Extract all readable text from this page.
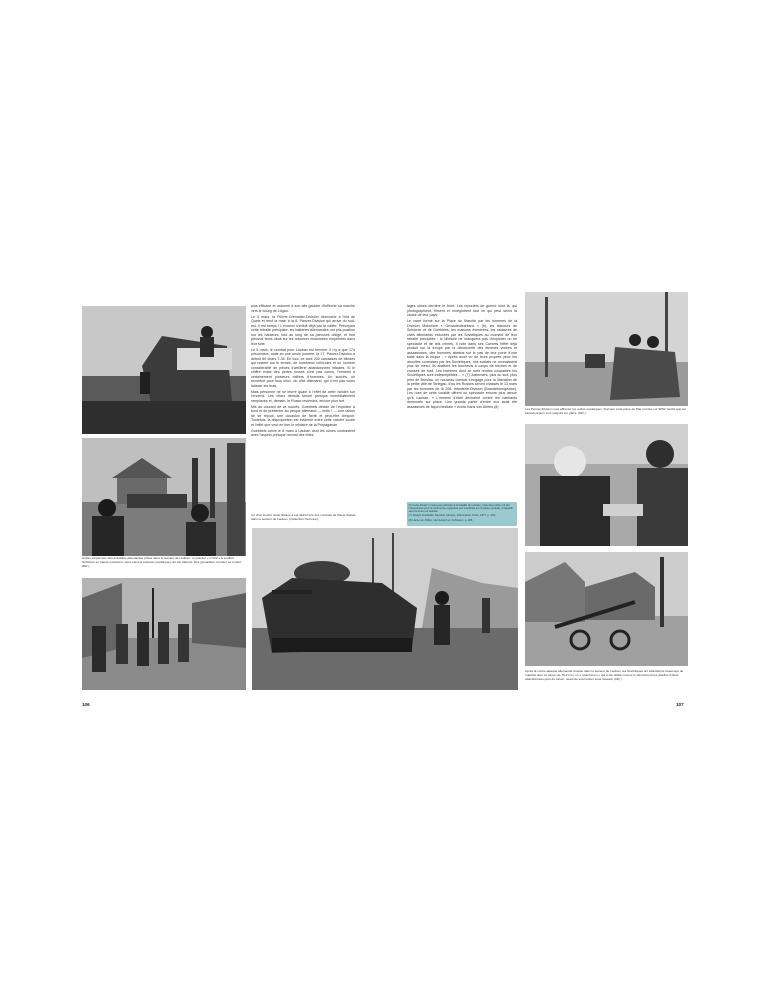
Autres séquences des actualités allemandes prises dans le secteur de Lauban : un panzer « n°222 » à souffert. Schützen en pause entretiens, deux canons évacués soviétiques ont été détruits. Des grenadiers montent en renfort. (DR.)

plus efficace et ordonné à son aile gauche d'infléchir sa marche vers le bourg de Lögau.

Le 4 mars, la Führer-Grenadier-Division débouche à l'est de Queis et tend la main à la 8. Panzer-Division qui arrive du sud-est. Il est temps ! L'ennemi s'enfuit déjà par la vallée. Prévoyant cette retraite précipitée, les batteries allemandes ont pris position sur les hauteurs, tout au long de sa parcours obligé, et font pleuvoir leurs obus sur les colonnes motorisées empêtrées dans leur fuite.

Le 5 mars, le combat pour Lauban est terminé. Il n'y a que 174 prisonniers, mais en une seule journée, la 17. Panzer-Division a détruit 60 chars T-34. En tout, ce sont 230 carcasses de blindés qui restent sur le terrain, de nombreux véhicules et un nombre considérable de pièces d'artillerie abandonnées intactes. Si le chiffre exact des pertes russes n'est pas connu, l'ennemi a certainement plusieurs milliers d'hommes. Un succès, un réconfort pour tous ceux, du côté allemand, qui n'ont pas voulu baisser les bras.

Mais personne ne se leurre quant à l'effet de cette victoire sur l'ennemi. Les chars détruits seront presque immédiatement remplacés et, demain, le Russe reviendra, encore plus fort.

Mis au courant de ce succès, Goebbels décide de l'exploiter à fond et de présenter au peuple allemand — enfin ! — une raison de se réjouir, une occasion de fierté et peut-être d'espoir. Toutefois, la disproportion est évidente entre cette victoire locale et l'effet que veut en tirer le ministre de la Propagande.

Goebbels arrive le 8 mars à Lauban dont les ruines contrastent avec l'aspect presque normal des villes

Un char touché Josef Staline a été détruit lors des combats de Haute Silésie, dans le secteur de Lauban. (Collection Hermann)

lages situés derrière le front. Les reporters de guerre sont là, qui photographient, filment et enregistrent tout ce qui peut servir la cause de leur pays.

Le carré formé sur la Place du Marché par les hommes de la Division Motorisée « Grossdeutschland » (6), les discours de Schörner et de Goebbels, les maisons éventrées, les cadavres de civils allemands exécutés par les Soviétiques au moment de leur retraite précipitée : le Ministre ne manquera pas d'exploiter un tel spectacle et de tels crimes. Il note dans ses Carnets l'effet déjà produit sur la troupe par la découverte des femmes violées et assassinées, des hommes abattus sur le pas de leur porte d'une balle dans la nuque : « Après avoir vu de leurs propres yeux les atrocités commises par les Soviétiques, nos soldats ne connaissent plus de merci. Ils abattent les bolchevis à coups de bêches et de crosses de fusil. Les hommes dont se sont rendus coupables les Soviétiques sont indescriptibles… » (7) Justement, plus au sud, plus près de Breslau, un nouveau combat s'engage pour la libération de la petite ville de Striegau, d'où les Russes seront chassés le 13 mars par les hommes de la 208. Infanterie-Division (Brandebourgeoise). Les rues de cette localité offrent un spectacle encore plus atroce qu'à Lauban. « L'ennemi s'était déchaîné contre les habitants demeurés sur place. Une grande partie d'entre eux avait été assassinés de façon bestiale » écrira Hans von Ahlfen (8).

(6) Cette division n'aura pas participé à la bataille de Lauban, mais des unités ont été transportées pour la cérémonie organisée par Goebbels sur la place centrale, à laquelle ses hommes ont assisté.

(7) Joseph Goebbels, Derniers Carnets, Flammarion, Paris, 1977, p. 101.

(8) Hans von Ahlfen, Der Kampf um Schlesien, p. 186.

Les Panzer-Division vont affronter les unités soviétiques. Sonnets cette pièce de Pak montée sur SPW, tandis que les blessés légers sont soignés sur place. (DR.)
Après la contre-attaque allemande réussie dans le secteur de Lauban, les Soviétiques ont abandonné beaucoup de matériel dont ce canon de 76,2 mm, un « ratsch-bum » qui a été utilisé comme le démontrent les douilles d'obus abandonnées près du canon, avant de succomber sous l'assaut. (DR.)
106	107
